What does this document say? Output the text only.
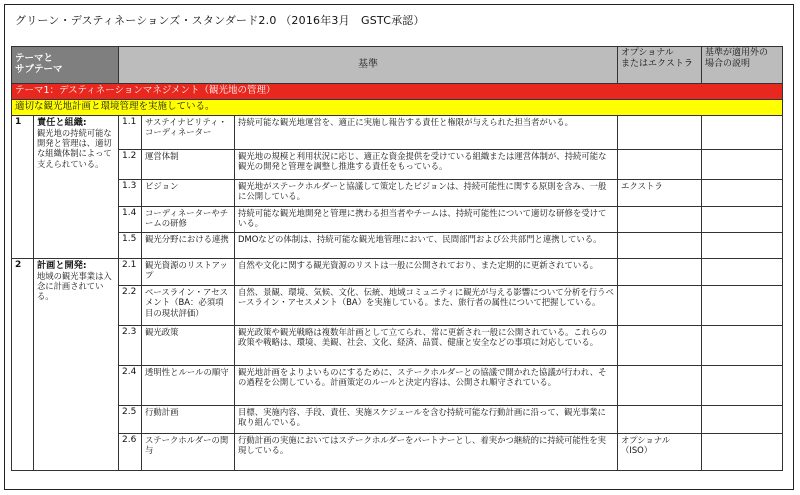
グリーン・デスティネーションズ・スタンダード2.0 （2016年3月　GSTC承認）
テーマと
サブテーマ		基準			オプショナル
またはエクストラ	基準が適用外の
場合の説明
テーマ1：デスティネーションマネジメント（観光地の管理）						
適切な観光地計画と環境管理を実施している。						
1	責任と組織:
観光地の持続可能な開発と管理は、適切な組織体制によって支えられている。	1.1	サステイナビリティ・コーディネーター	持続可能な観光地運営を、適正に実施し報告する責任と権限が与えられた担当者がいる。		
		1.2	運営体制	観光地の規模と利用状況に応じ、適正な資金提供を受けている組織または運営体制が、持続可能な観光の開発と管理を調整し推進する責任をもっている。		
		1.3	ビジョン	観光地がステークホルダーと協議して策定したビジョンは、持続可能性に関する原則を含み、一般に公開している。	エクストラ	
		1.4	コーディネーターやチームの研修	持続可能な観光地開発と管理に携わる担当者やチームは、持続可能性について適切な研修を受けている。		
		1.5	観光分野における連携	DMOなどの体制は、持続可能な観光地管理において、民間部門および公共部門と連携している。		
2	計画と開発:
地域の観光事業は入念に計画されている。	2.1	観光資源のリストアップ	自然や文化に関する観光資源のリストは一般に公開されており、また定期的に更新されている。		
		2.2	ベースライン・アセスメント（BA：必須項目の現状評価）	自然、景観、環境、気候、文化、伝統、地域コミュニティに観光が与える影響について分析を行うベースライン・アセスメント（BA）を実施している。また、旅行者の属性について把握している。		
		2.3	観光政策	観光政策や観光戦略は複数年計画として立てられ、常に更新され一般に公開されている。これらの政策や戦略は、環境、美観、社会、文化、経済、品質、健康と安全などの事項に対応している。		
		2.4	透明性とルールの順守	観光地計画をよりよいものにするために、ステークホルダーとの協議で開かれた協議が行われ、その過程を公開している。計画策定のルールと決定内容は、公開され順守されている。		
		2.5	行動計画	目標、実施内容、手段、責任、実施スケジュールを含む持続可能な行動計画に沿って、観光事業に取り組んでいる。		
		2.6	ステークホルダーの関与	行動計画の実施においてはステークホルダーをパートナーとし、着実かつ継続的に持続可能性を実現している。	オプショナル
（ISO）	
